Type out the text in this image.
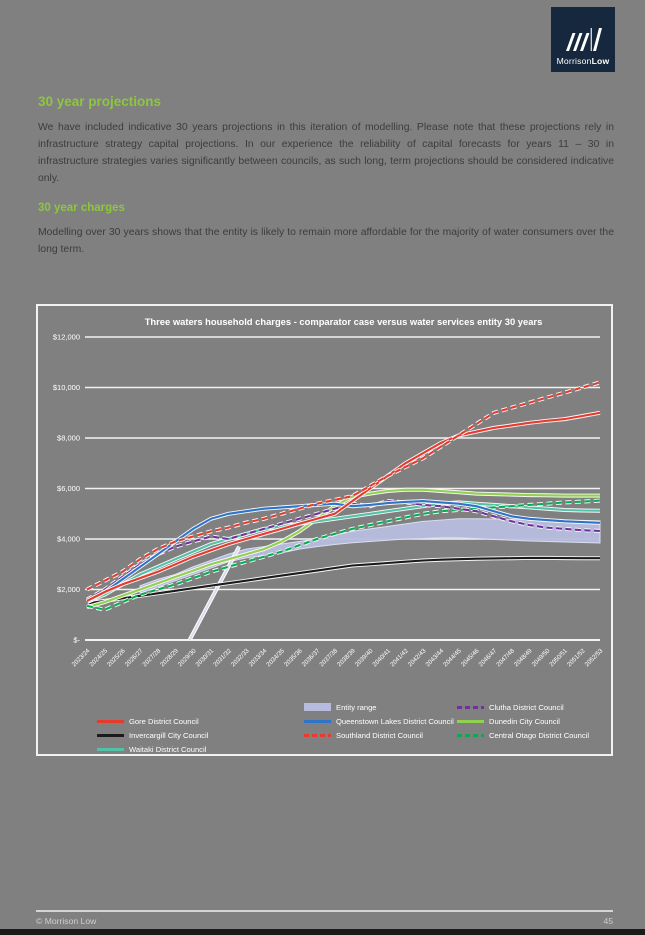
MorrisonLow
30 year projections

We have included indicative 30 years projections in this iteration of modelling. Please note that these projections rely in infrastructure strategy capital projections. In our experience the reliability of capital forecasts for years 11 – 30 in infrastructure strategies varies significantly between councils, as such long, term projections should be considered indicative only.

30 year charges

Modelling over 30 years shows that the entity is likely to remain more affordable for the majority of water consumers over the long term.

Three waters household charges - comparator case versus water services entity 30 years
$12,000
$10,000
$8,000
$6,000
$4,000
$2,000
$-
2023/24
2024/25
2025/26
2026/27
2027/28
2028/29
2029/30
2030/31
2031/32
2032/33
2033/34
2034/35
2035/36
2036/37
2037/38
2038/39
2039/40
2040/41
2041/42
2042/43
2043/44
2044/45
2045/46
2046/47
2047/48
2048/49
2049/50
2050/51
2051/52
2052/53
Entity range	Clutha District Council
Gore District Council	Queenstown Lakes District Council	Dunedin City Council
Invercargill City Council	Southland District Council	Central Otago District Council
Waitaki District Council
© Morrison Low	45
